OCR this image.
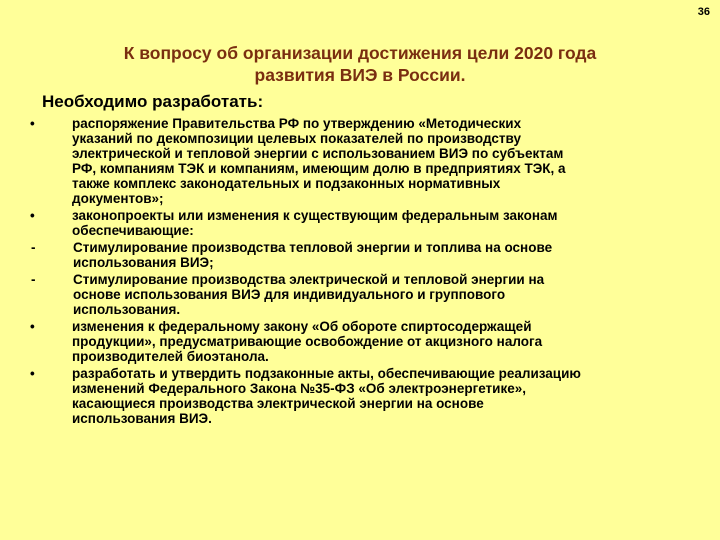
36
К вопросу об организации достижения цели 2020 года
развития ВИЭ в России.
Необходимо разработать:
•	распоряжение Правительства РФ по утверждению «Методических
указаний по декомпозиции целевых показателей по производству
электрической и тепловой энергии с использованием ВИЭ по субъектам
РФ, компаниям ТЭК и компаниям, имеющим долю в предприятиях ТЭК, а
также комплекс законодательных и подзаконных нормативных
документов»;
•	законопроекты или изменения к существующим федеральным законам
обеспечивающие:
-	Стимулирование производства тепловой энергии и топлива на основе
использования ВИЭ;
-	Стимулирование производства электрической и тепловой энергии на
основе использования ВИЭ для индивидуального и группового
использования.
•	изменения к федеральному закону «Об обороте спиртосодержащей
продукции», предусматривающие освобождение от акцизного налога
производителей биоэтанола.
•	разработать и утвердить подзаконные акты, обеспечивающие реализацию
изменений Федерального Закона №35-ФЗ «Об электроэнергетике»,
касающиеся производства электрической энергии на основе
использования ВИЭ.
